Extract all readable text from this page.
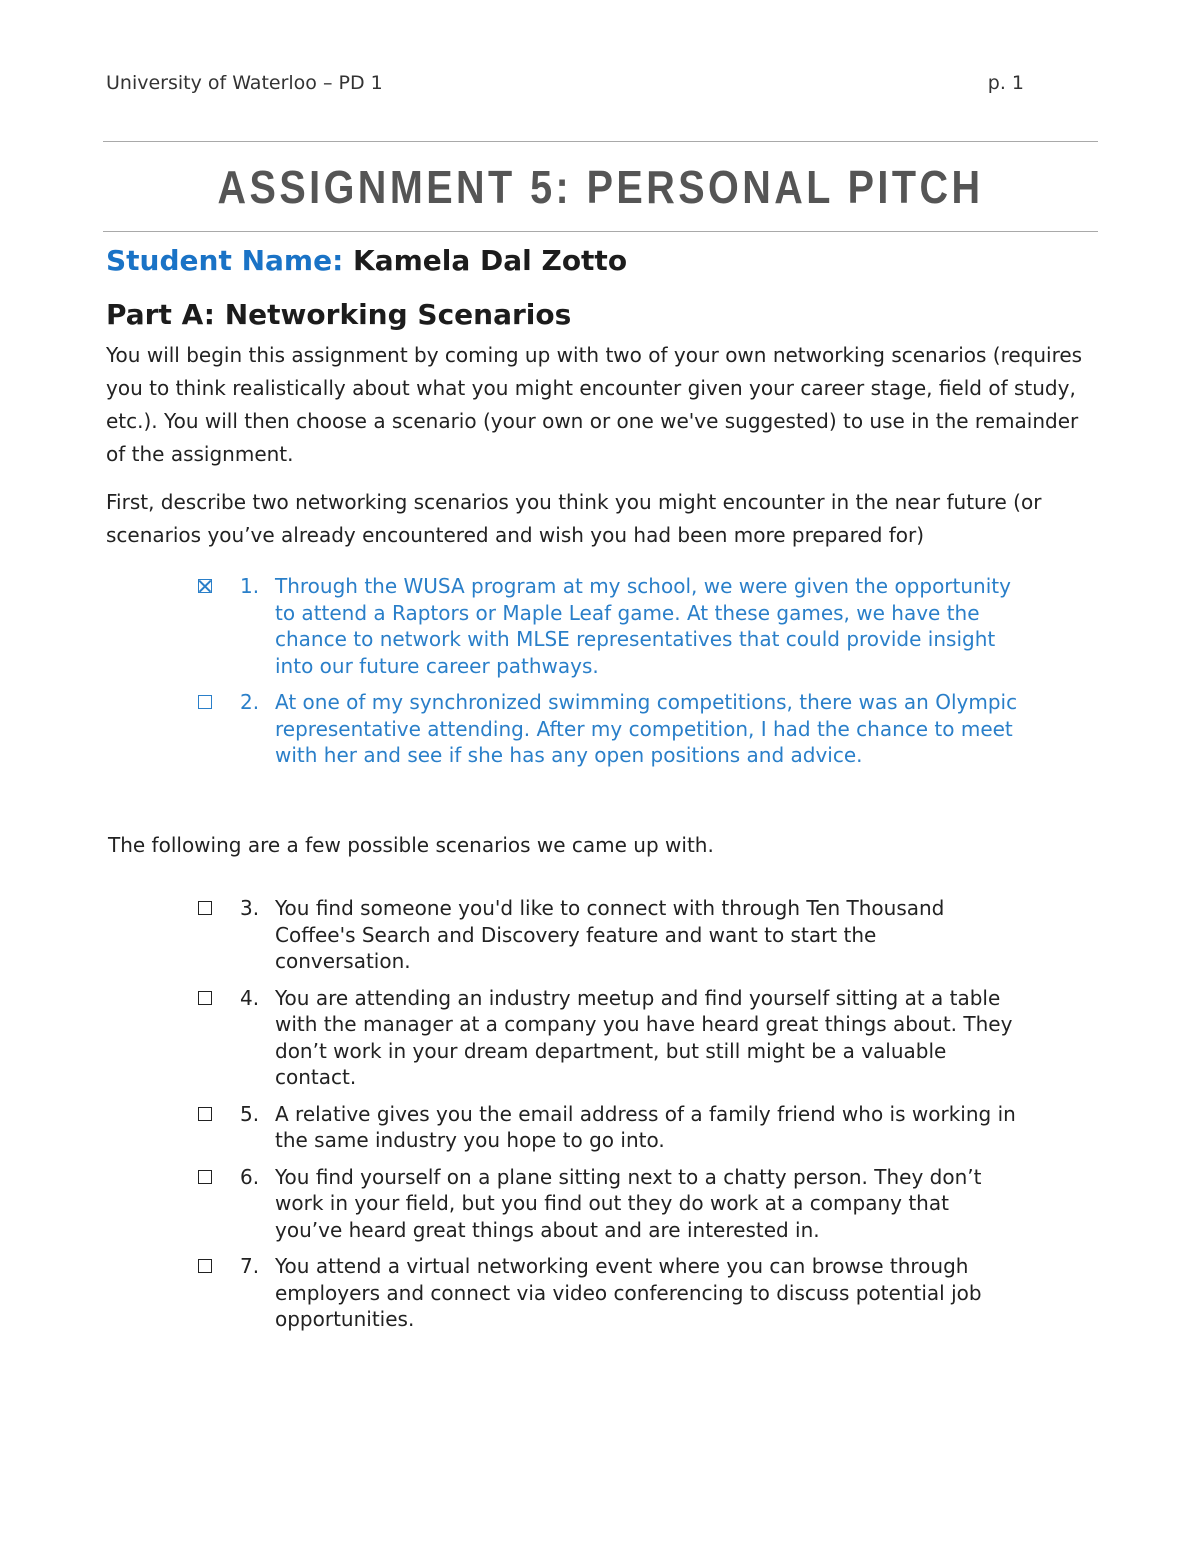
University of Waterloo – PD 1	p. 1
ASSIGNMENT 5: PERSONAL PITCH
Student Name: Kamela Dal Zotto
Part A: Networking Scenarios
You will begin this assignment by coming up with two of your own networking scenarios (requires you to think realistically about what you might encounter given your career stage, field of study, etc.). You will then choose a scenario (your own or one we've suggested) to use in the remainder of the assignment.
First, describe two networking scenarios you think you might encounter in the near future (or scenarios you’ve already encountered and wish you had been more prepared for)
1. Through the WUSA program at my school, we were given the opportunity to attend a Raptors or Maple Leaf game. At these games, we have the chance to network with MLSE representatives that could provide insight into our future career pathways.
2. At one of my synchronized swimming competitions, there was an Olympic representative attending. After my competition, I had the chance to meet with her and see if she has any open positions and advice.
The following are a few possible scenarios we came up with.
3. You find someone you'd like to connect with through Ten Thousand Coffee's Search and Discovery feature and want to start the conversation.
4. You are attending an industry meetup and find yourself sitting at a table with the manager at a company you have heard great things about. They don’t work in your dream department, but still might be a valuable contact.
5. A relative gives you the email address of a family friend who is working in the same industry you hope to go into.
6. You find yourself on a plane sitting next to a chatty person. They don’t work in your field, but you find out they do work at a company that you’ve heard great things about and are interested in.
7. You attend a virtual networking event where you can browse through employers and connect via video conferencing to discuss potential job opportunities.
